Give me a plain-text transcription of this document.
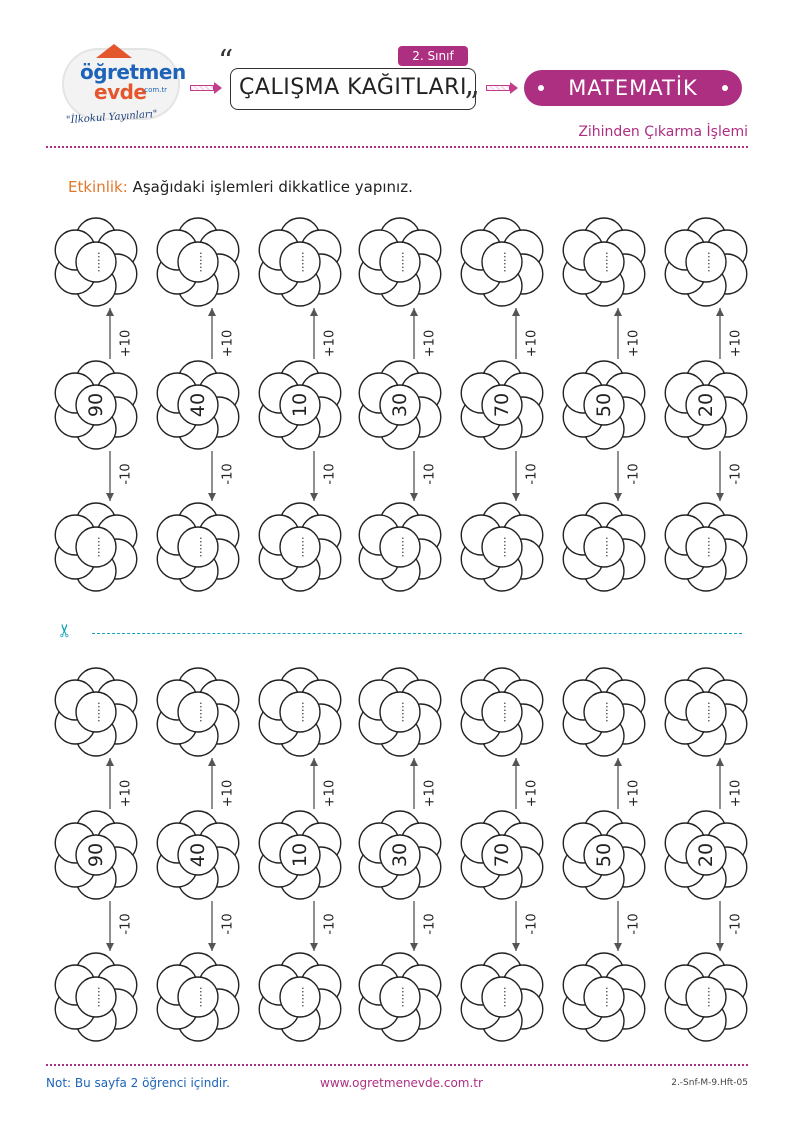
öğretmen
evde
.com.tr
"İlkokul Yayınları"
“	2. Sınıf
ÇALIŞMA KAĞITLARI
”	MATEMATİK
Zihinden Çıkarma İşlemi
Etkinlik: Aşağıdaki işlemleri dikkatlice yapınız.
+10
-10
......
90
......
+10
-10
......
40
......
+10
-10
......
10
......
+10
-10
......
30
......
+10
-10
......
70
......
+10
-10
......
50
......
+10
-10
......
20
......
+10
-10
......
90
......
+10
-10
......
40
......
+10
-10
......
10
......
+10
-10
......
30
......
+10
-10
......
70
......
+10
-10
......
50
......
+10
-10
......
20
......
✂
Not: Bu sayfa 2 öğrenci içindir.	www.ogretmenevde.com.tr	2.-Snf-M-9.Hft-05
